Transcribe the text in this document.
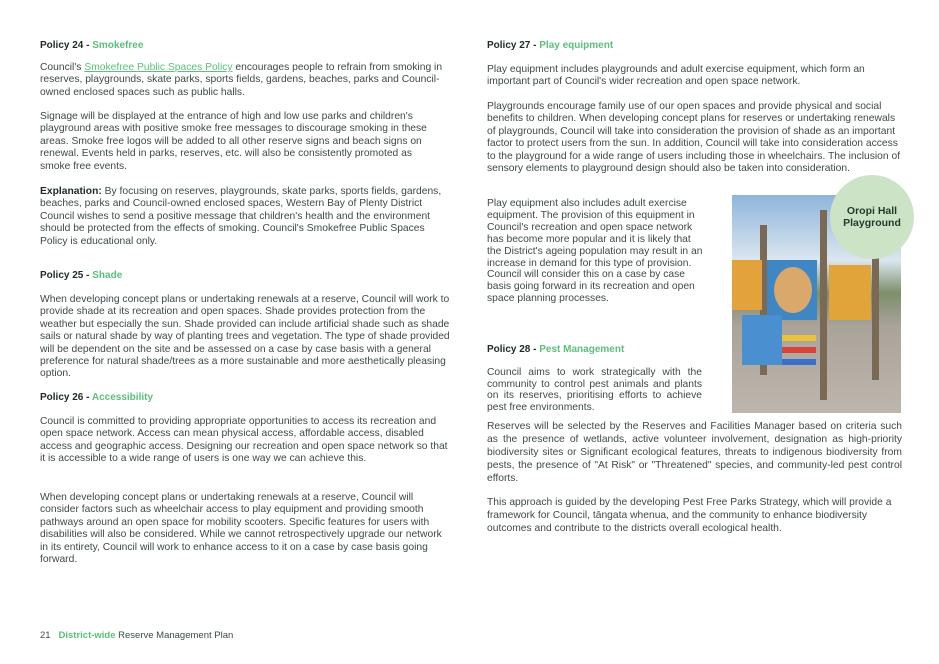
Policy 24 - Smokefree

Council's Smokefree Public Spaces Policy encourages people to refrain from smoking in reserves, playgrounds, skate parks, sports fields, gardens, beaches, parks and Council-owned enclosed spaces such as public halls.

Signage will be displayed at the entrance of high and low use parks and children's playground areas with positive smoke free messages to discourage smoking in these areas. Smoke free logos will be added to all other reserve signs and beach signs on renewal. Events held in parks, reserves, etc. will also be consistently promoted as smoke free events.

Explanation: By focusing on reserves, playgrounds, skate parks, sports fields, gardens, beaches, parks and Council-owned enclosed spaces, Western Bay of Plenty District Council wishes to send a positive message that children's health and the environment should be protected from the effects of smoking. Council's Smokefree Public Spaces Policy is educational only.

Policy 25 - Shade

When developing concept plans or undertaking renewals at a reserve, Council will work to provide shade at its recreation and open spaces. Shade provides protection from the weather but especially the sun. Shade provided can include artificial shade such as shade sails or natural shade by way of planting trees and vegetation. The type of shade provided will be dependent on the site and be assessed on a case by case basis with a general preference for natural shade/trees as a more sustainable and more aesthetically pleasing option.

Policy 26 - Accessibility

Council is committed to providing appropriate opportunities to access its recreation and open space network. Access can mean physical access, affordable access, disabled access and geographic access. Designing our recreation and open space network so that it is accessible to a wide range of users is one way we can achieve this.

When developing concept plans or undertaking renewals at a reserve, Council will consider factors such as wheelchair access to play equipment and providing smooth pathways around an open space for mobility scooters. Specific features for users with disabilities will also be considered. While we cannot retrospectively upgrade our network in its entirety, Council will work to enhance access to it on a case by case basis going forward.

Policy 27 - Play equipment

Play equipment includes playgrounds and adult exercise equipment, which form an important part of Council's wider recreation and open space network.

Playgrounds encourage family use of our open spaces and provide physical and social benefits to children. When developing concept plans for reserves or undertaking renewals of playgrounds, Council will take into consideration the provision of shade as an important factor to protect users from the sun. In addition, Council will take into consideration access to the playground for a wide range of users including those in wheelchairs. The inclusion of sensory elements to playground design should also be taken into consideration.

Play equipment also includes adult exercise equipment. The provision of this equipment in Council's recreation and open space network has become more popular and it is likely that the District's ageing population may result in an increase in demand for this type of provision. Council will consider this on a case by case basis going forward in its recreation and open space planning processes.

Oropi Hall Playground
Policy 28 - Pest Management

Council aims to work strategically with the community to control pest animals and plants on its reserves, prioritising efforts to achieve pest free environments.

Reserves will be selected by the Reserves and Facilities Manager based on criteria such as the presence of wetlands, active volunteer involvement, designation as high-priority biodiversity sites or Significant ecological features, threats to indigenous biodiversity from pests, the presence of "At Risk" or "Threatened" species, and community-led pest control efforts.

This approach is guided by the developing Pest Free Parks Strategy, which will provide a framework for Council, tāngata whenua, and the community to enhance biodiversity outcomes and contribute to the districts overall ecological health.

21 District-wide Reserve Management Plan
